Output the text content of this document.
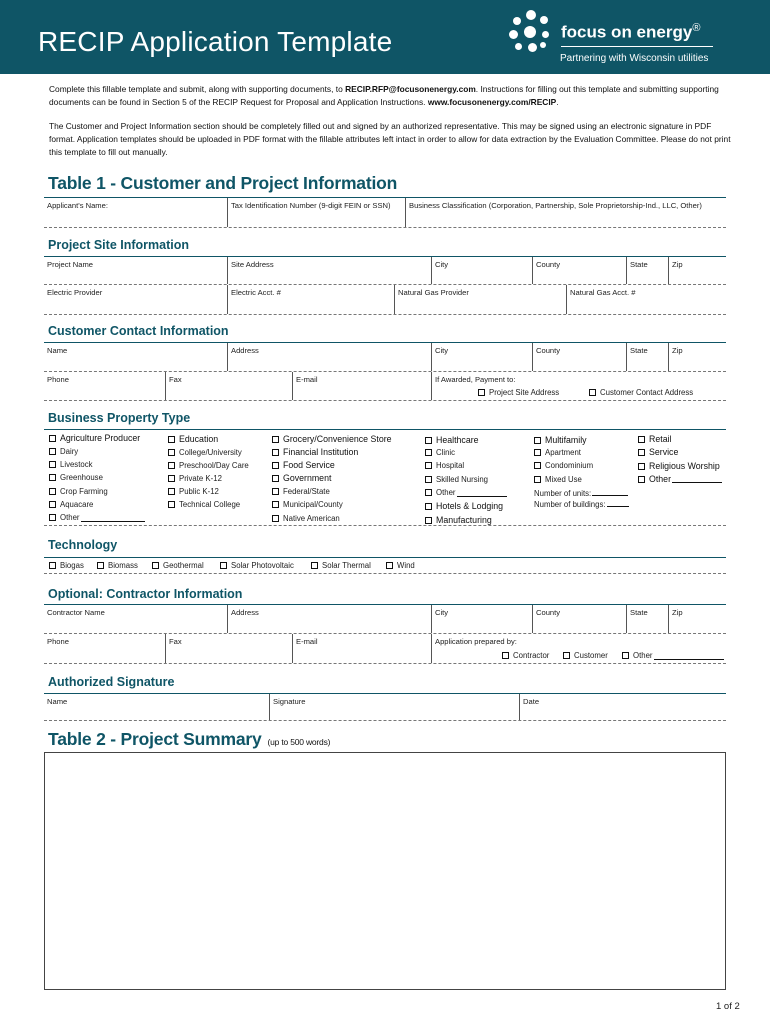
RECIP Application Template	focus on energy®
Partnering with Wisconsin utilities
Complete this fillable template and submit, along with supporting documents, to RECIP.RFP@focusonenergy.com. Instructions for filling out this template and submitting supporting documents can be found in Section 5 of the RECIP Request for Proposal and Application Instructions. www.focusonenergy.com/RECIP.
The Customer and Project Information section should be completely filled out and signed by an authorized representative. This may be signed using an electronic signature in PDF format. Application templates should be uploaded in PDF format with the fillable attributes left intact in order to allow for data extraction by the Evaluation Committee. Please do not print this template to fill out manually.
Table 1 - Customer and Project Information
Applicant's Name:	Tax Identification Number (9-digit FEIN or SSN)	Business Classification (Corporation, Partnership, Sole Proprietorship-Ind., LLC, Other)
Project Site Information
Project Name	Site Address	City	County	State	Zip
Electric Provider	Electric Acct. #	Natural Gas Provider	Natural Gas Acct. #
Customer Contact Information
Name	Address	City	County	State	Zip
Phone	Fax	E-mail	If Awarded, Payment to:
Project Site Address	Customer Contact Address
Business Property Type
Agriculture Producer
Dairy
Livestock
Greenhouse
Crop Farming
Aquacare
Other
Education
College/University
Preschool/Day Care
Private K-12
Public K-12
Technical College
Grocery/Convenience Store
Financial Institution
Food Service
Government
Federal/State
Municipal/County
Native American
Healthcare
Clinic
Hospital
Skilled Nursing
Other
Hotels & Lodging
Manufacturing
Multifamily
Apartment
Condominium
Mixed Use
Number of units:
Number of buildings:
Retail
Service
Religious Worship
Other
Technology
Biogas	Biomass	Geothermal	Solar Photovoltaic	Solar Thermal	Wind
Optional: Contractor Information
Contractor Name	Address	City	County	State	Zip
Phone	Fax	E-mail	Application prepared by:
Contractor	Customer	Other
Authorized Signature
Name	Signature	Date
Table 2 - Project Summary (up to 500 words)
1 of 2
